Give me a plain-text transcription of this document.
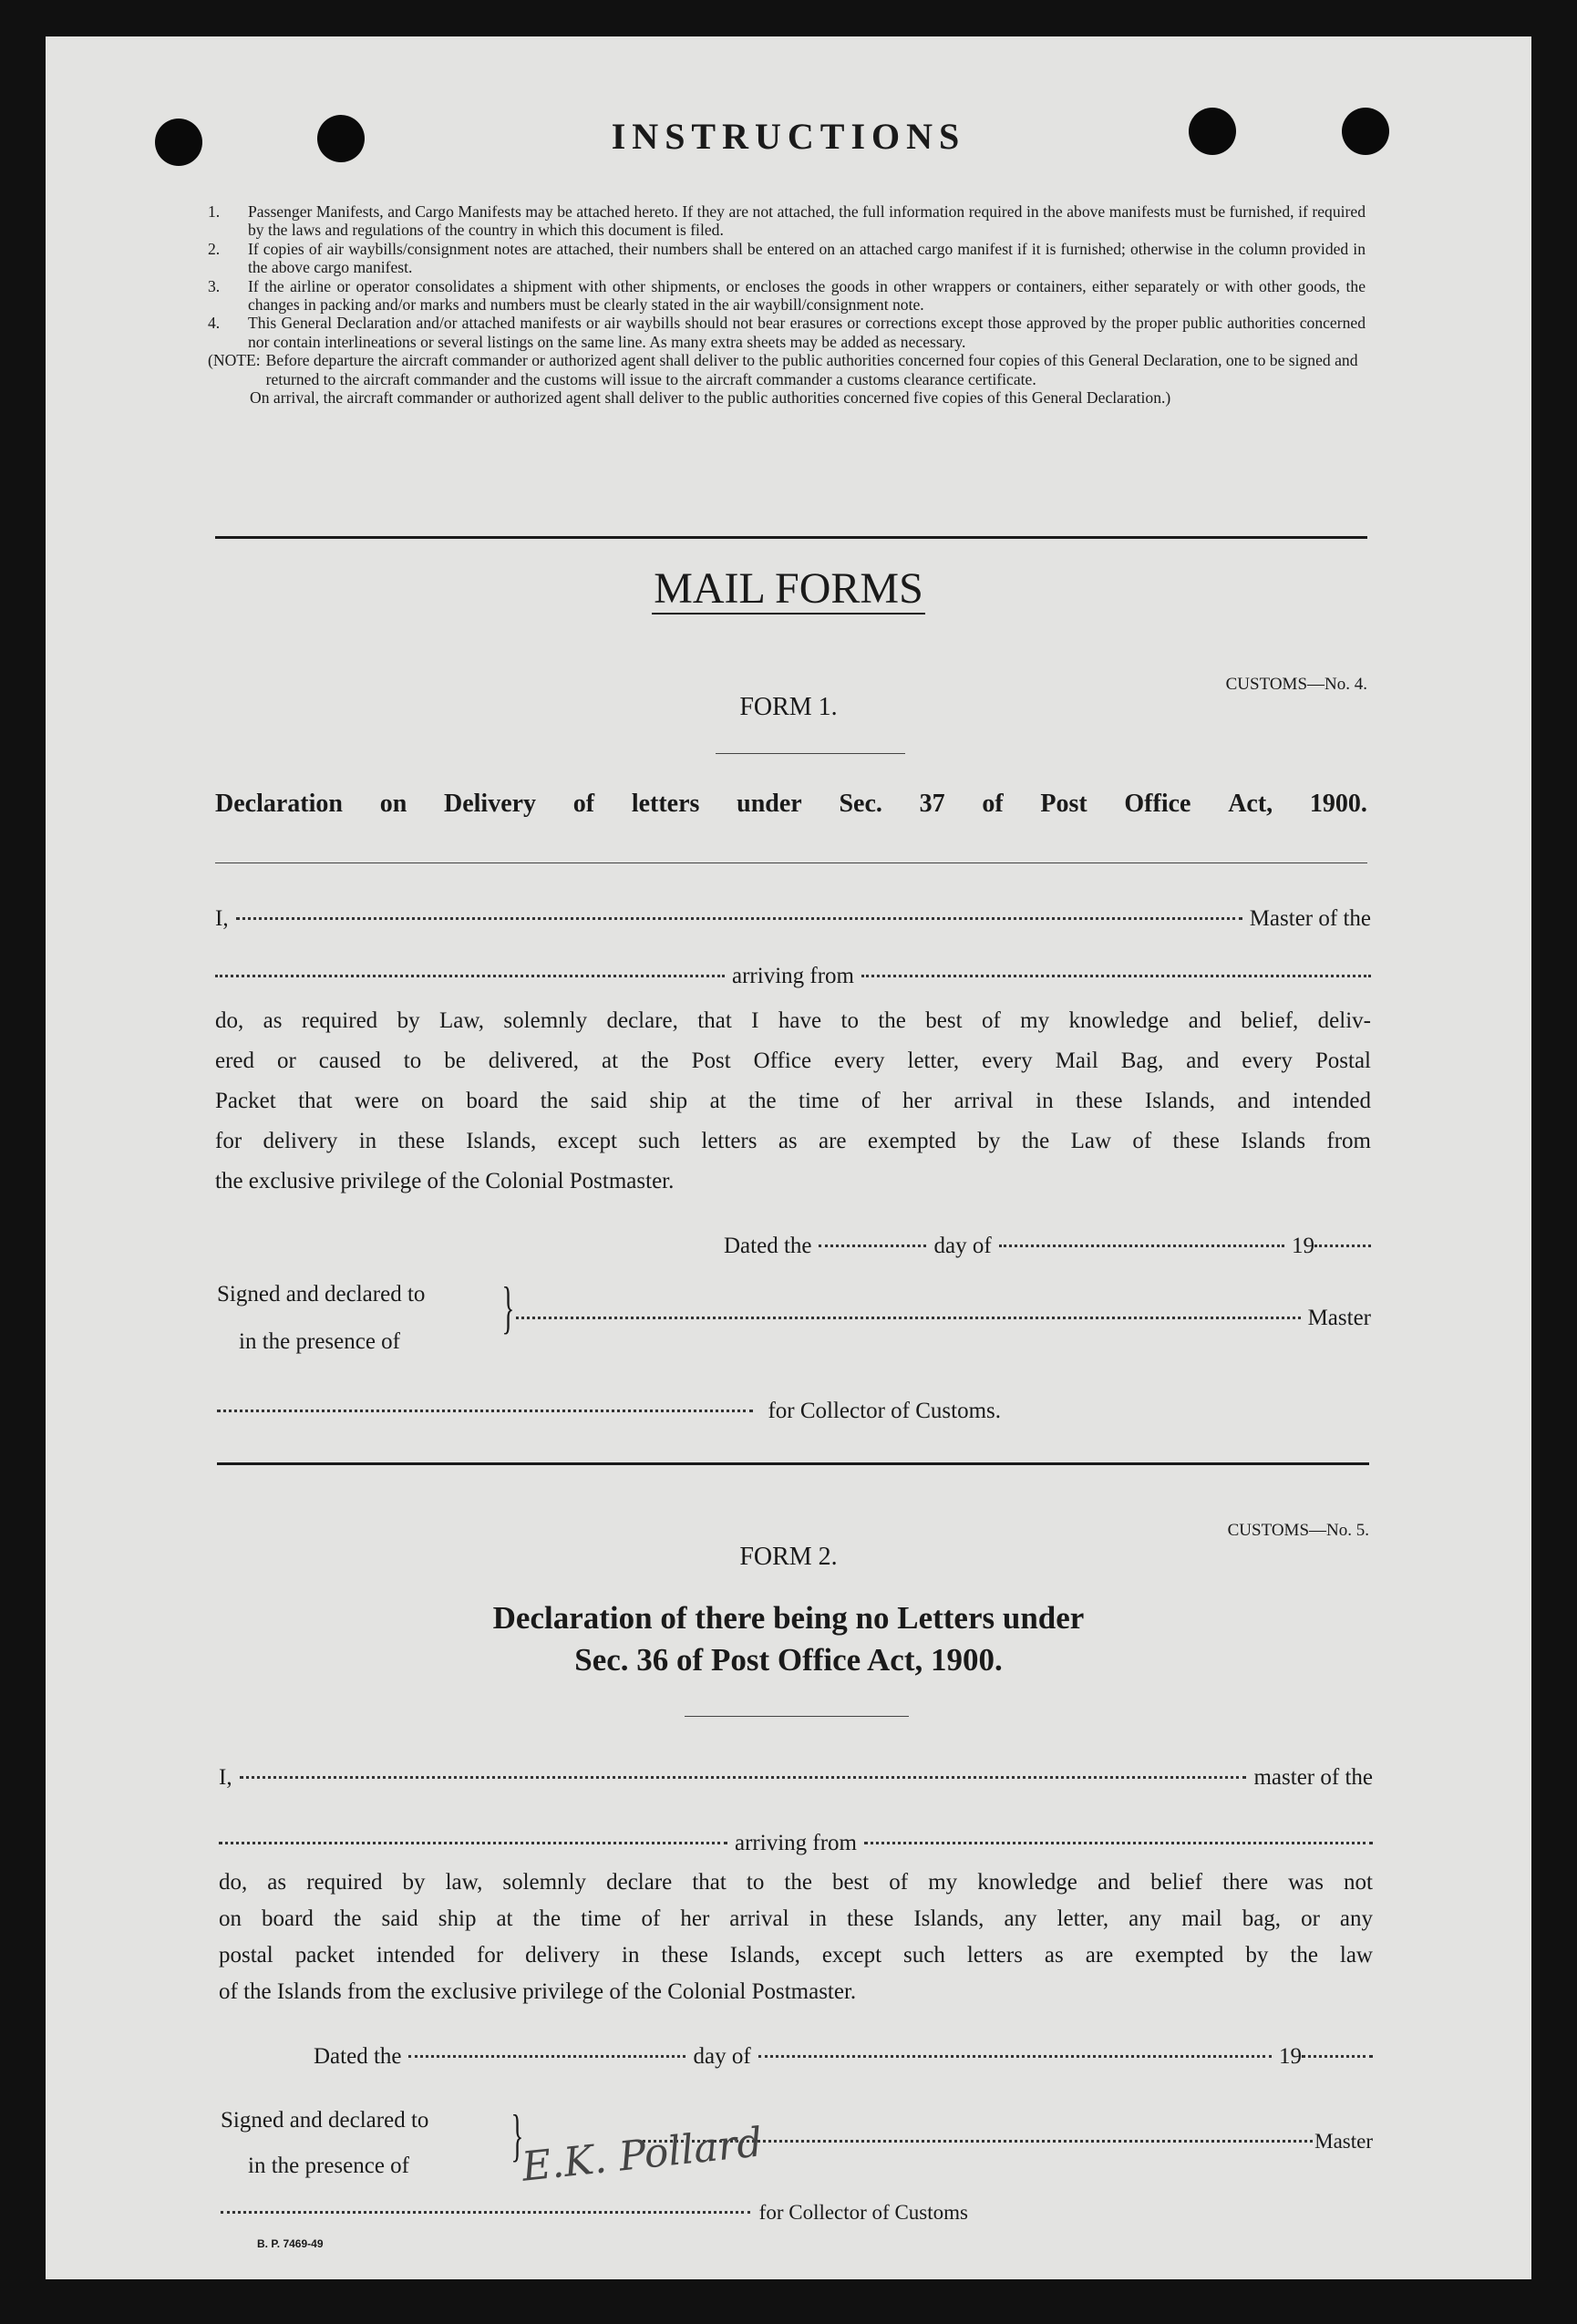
INSTRUCTIONS
1.	Passenger Manifests, and Cargo Manifests may be attached hereto. If they are not attached, the full information required in the above manifests must be furnished, if required by the laws and regulations of the country in which this document is filed.
2.	If copies of air waybills/consignment notes are attached, their numbers shall be entered on an attached cargo manifest if it is furnished; otherwise in the column provided in the above cargo manifest.
3.	If the airline or operator consolidates a shipment with other shipments, or encloses the goods in other wrappers or containers, either separately or with other goods, the changes in packing and/or marks and numbers must be clearly stated in the air waybill/consignment note.
4.	This General Declaration and/or attached manifests or air waybills should not bear erasures or corrections except those approved by the proper public authorities concerned nor contain interlineations or several listings on the same line. As many extra sheets may be added as necessary.
(NOTE: Before departure the aircraft commander or authorized agent shall deliver to the public authorities concerned four copies of this General Declaration, one to be signed and returned to the aircraft commander and the customs will issue to the aircraft commander a customs clearance certificate.
On arrival, the aircraft commander or authorized agent shall deliver to the public authorities concerned five copies of this General Declaration.)
MAIL FORMS
CUSTOMS—No. 4.
FORM 1.
Declaration on Delivery of letters under Sec. 37 of Post Office Act, 1900.
I,	Master of the
arriving from
do, as required by Law, solemnly declare, that I have to the best of my knowledge and belief, deliv-
ered or caused to be delivered, at the Post Office every letter, every Mail Bag, and every Postal
Packet that were on board the said ship at the time of her arrival in these Islands, and intended
for delivery in these Islands, except such letters as are exempted by the Law of these Islands from
the exclusive privilege of the Colonial Postmaster.
Dated the	day of	19
Signed and declared to
in the presence of
}	Master
for Collector of Customs.
CUSTOMS—No. 5.
FORM 2.
Declaration of there being no Letters under
Sec. 36 of Post Office Act, 1900.
I,	master of the
arriving from
do, as required by law, solemnly declare that to the best of my knowledge and belief there was not
on board the said ship at the time of her arrival in these Islands, any letter, any mail bag, or any
postal packet intended for delivery in these Islands, except such letters as are exempted by the law
of the Islands from the exclusive privilege of the Colonial Postmaster.
Dated the	day of	19
Signed and declared to
in the presence of }	Master
E.K. Pollard
for Collector of Customs
B. P. 7469-49
